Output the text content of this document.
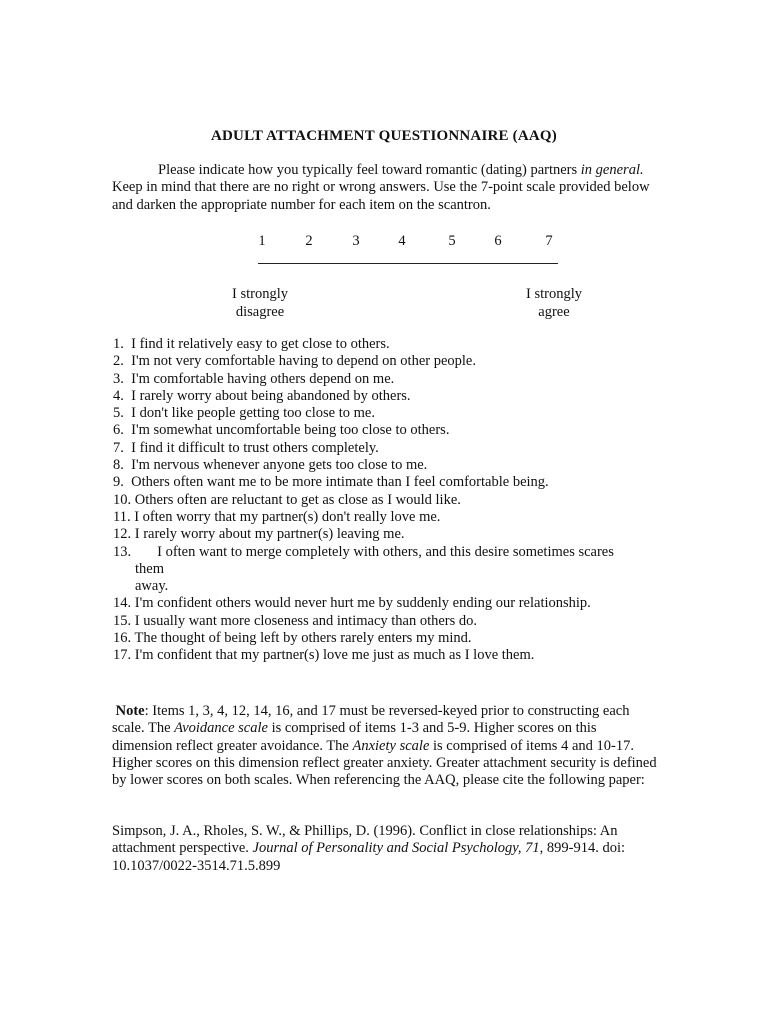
ADULT ATTACHMENT QUESTIONNAIRE (AAQ)

Please indicate how you typically feel toward romantic (dating) partners in general. Keep in mind that there are no right or wrong answers. Use the 7-point scale provided below and darken the appropriate number for each item on the scantron.

1	2	3	4	5	6	7
I strongly
disagree
I strongly
agree
1. I find it relatively easy to get close to others.
2. I'm not very comfortable having to depend on other people.
3. I'm comfortable having others depend on me.
4. I rarely worry about being abandoned by others.
5. I don't like people getting too close to me.
6. I'm somewhat uncomfortable being too close to others.
7. I find it difficult to trust others completely.
8. I'm nervous whenever anyone gets too close to me.
9. Others often want me to be more intimate than I feel comfortable being.
10. Others often are reluctant to get as close as I would like.
11. I often worry that my partner(s) don't really love me.
12. I rarely worry about my partner(s) leaving me.
13. I often want to merge completely with others, and this desire sometimes scares
them
away.
14. I'm confident others would never hurt me by suddenly ending our relationship.
15. I usually want more closeness and intimacy than others do.
16. The thought of being left by others rarely enters my mind.
17. I'm confident that my partner(s) love me just as much as I love them.

Note: Items 1, 3, 4, 12, 14, 16, and 17 must be reversed-keyed prior to constructing each scale. The Avoidance scale is comprised of items 1-3 and 5-9. Higher scores on this dimension reflect greater avoidance. The Anxiety scale is comprised of items 4 and 10-17. Higher scores on this dimension reflect greater anxiety. Greater attachment security is defined by lower scores on both scales. When referencing the AAQ, please cite the following paper:

Simpson, J. A., Rholes, S. W., & Phillips, D. (1996). Conflict in close relationships: An attachment perspective. Journal of Personality and Social Psychology, 71, 899-914. doi: 10.1037/0022-3514.71.5.899
